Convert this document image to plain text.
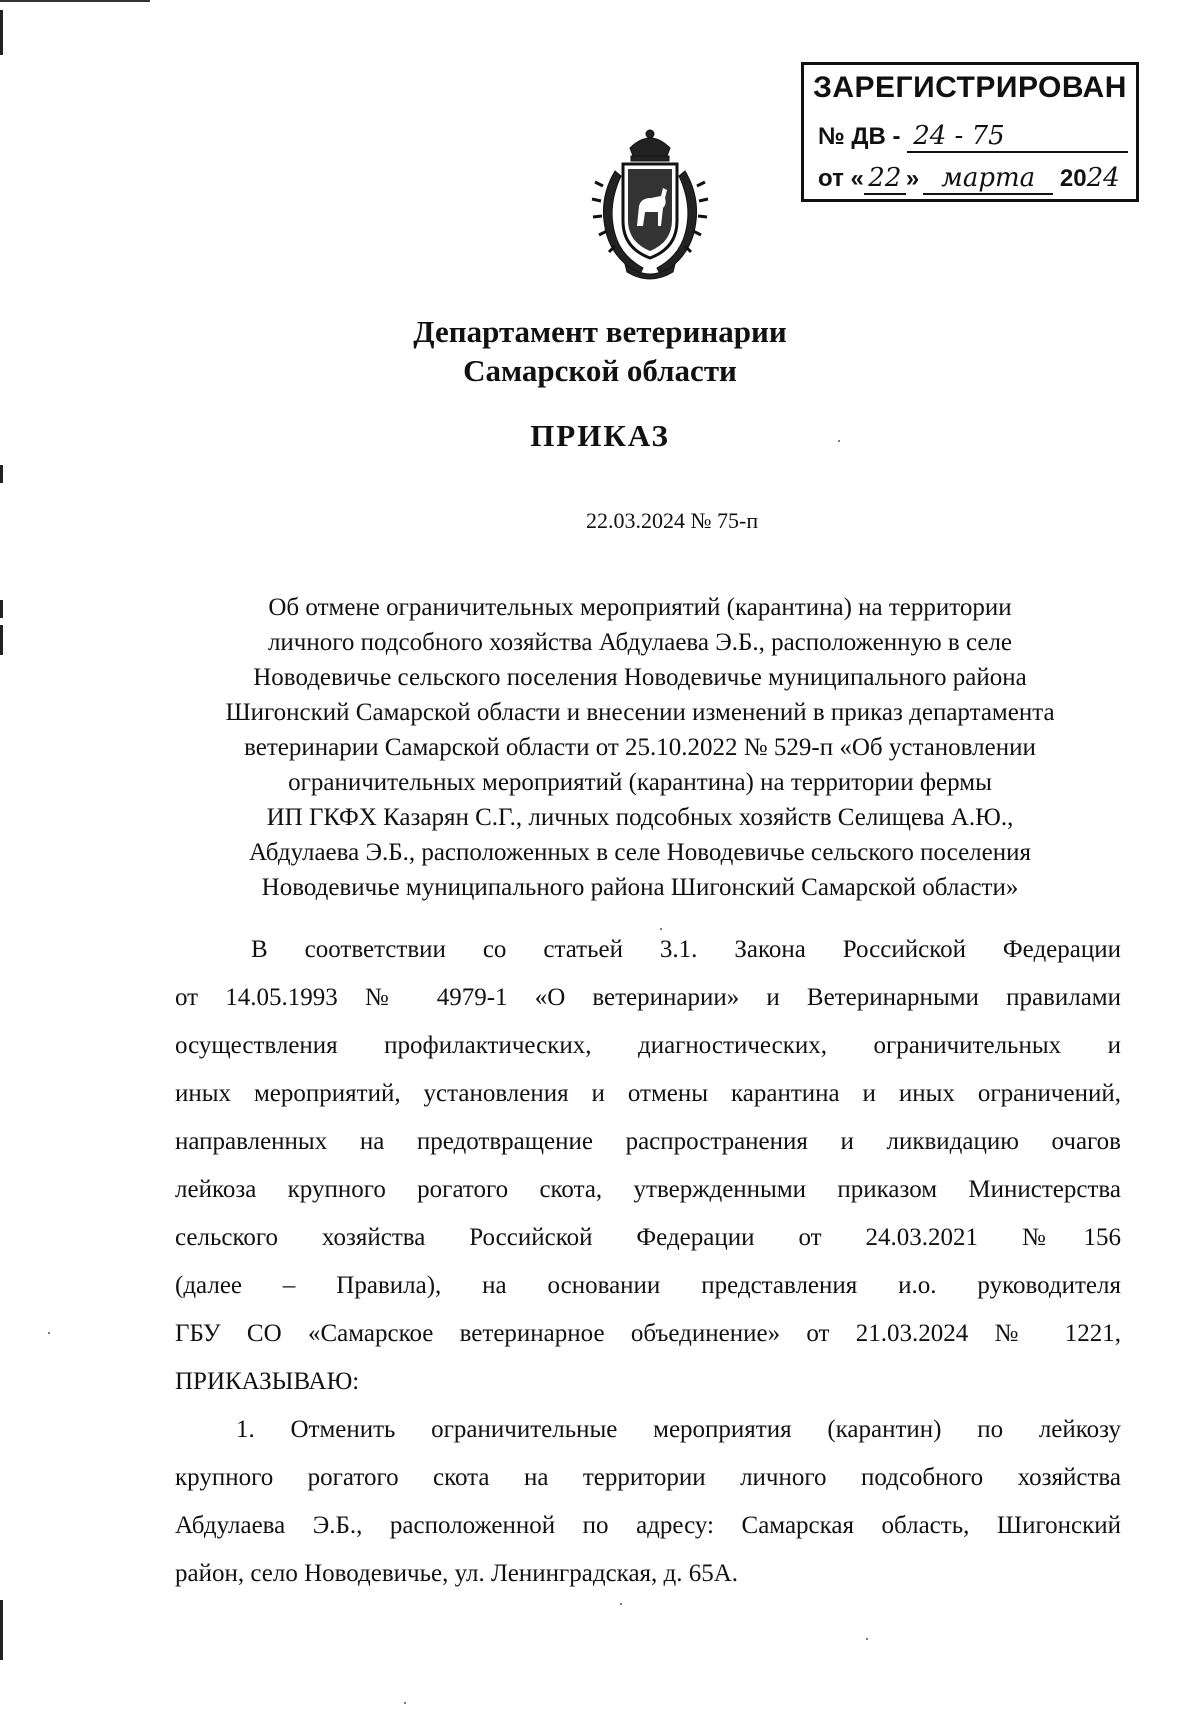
ЗАРЕГИСТРИРОВАН
№ ДВ - 24 - 75
от « 22 » марта 2024
Департамент ветеринарии
Самарской области
ПРИКАЗ
22.03.2024 № 75-п
Об отмене ограничительных мероприятий (карантина) на территории
личного подсобного хозяйства Абдулаева Э.Б., расположенную в селе
Новодевичье сельского поселения Новодевичье муниципального района
Шигонский Самарской области и внесении изменений в приказ департамента
ветеринарии Самарской области от 25.10.2022 № 529-п «Об установлении
ограничительных мероприятий (карантина) на территории фермы
ИП ГКФХ Казарян С.Г., личных подсобных хозяйств Селищева А.Ю.,
Абдулаева Э.Б., расположенных в селе Новодевичье сельского поселения
Новодевичье муниципального района Шигонский Самарской области»
В соответствии со статьей 3.1. Закона Российской Федерации
от 14.05.1993 № 4979-1 «О ветеринарии» и Ветеринарными правилами
осуществления профилактических, диагностических, ограничительных и
иных мероприятий, установления и отмены карантина и иных ограничений,
направленных на предотвращение распространения и ликвидацию очагов
лейкоза крупного рогатого скота, утвержденными приказом Министерства
сельского хозяйства Российской Федерации от 24.03.2021 №156
(далее – Правила), на основании представления и.о. руководителя
ГБУ СО «Самарское ветеринарное объединение» от 21.03.2024 № 1221,
ПРИКАЗЫВАЮ:
1. Отменить ограничительные мероприятия (карантин) по лейкозу
крупного рогатого скота на территории личного подсобного хозяйства
Абдулаева Э.Б., расположенной по адресу: Самарская область, Шигонский
район, село Новодевичье, ул. Ленинградская, д. 65А.
